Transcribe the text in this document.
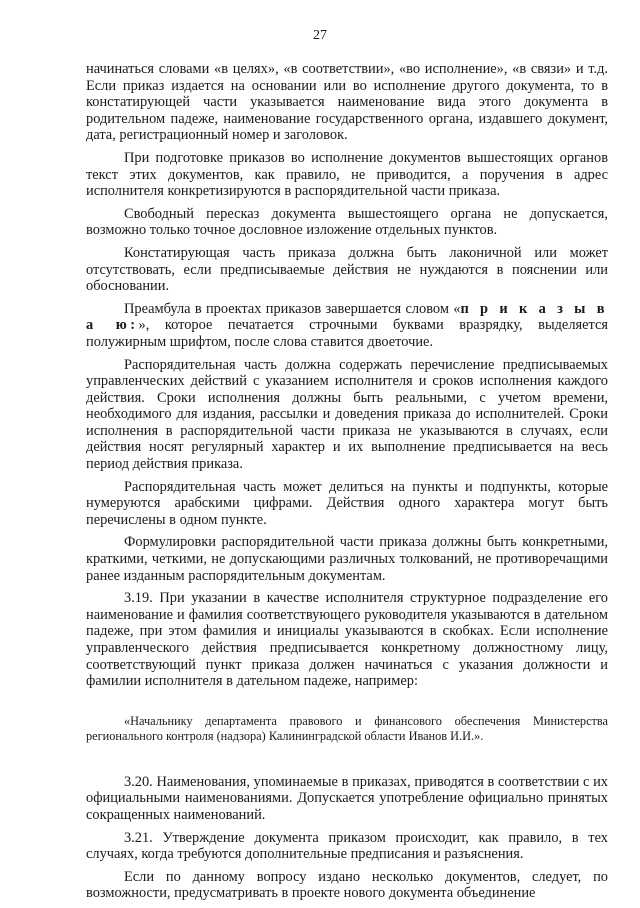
27

начинаться словами «в целях», «в соответствии», «во исполнение», «в связи» и т.д. Если приказ издается на основании или во исполнение другого документа, то в констатирующей части указывается наименование вида этого документа в родительном падеже, наименование государственного органа, издавшего документ, дата, регистрационный номер и заголовок.

При подготовке приказов во исполнение документов вышестоящих органов текст этих документов, как правило, не приводится, а поручения в адрес исполнителя конкретизируются в распорядительной части приказа.

Свободный пересказ документа вышестоящего органа не допускается, возможно только точное дословное изложение отдельных пунктов.

Констатирующая часть приказа должна быть лаконичной или может отсутствовать, если предписываемые действия не нуждаются в пояснении или обосновании.

Преамбула в проектах приказов завершается словом «п р и к а з ы в а ю:», которое печатается строчными буквами вразрядку, выделяется полужирным шрифтом, после слова ставится двоеточие.

Распорядительная часть должна содержать перечисление предписываемых управленческих действий с указанием исполнителя и сроков исполнения каждого действия. Сроки исполнения должны быть реальными, с учетом времени, необходимого для издания, рассылки и доведения приказа до исполнителей. Сроки исполнения в распорядительной части приказа не указываются в случаях, если действия носят регулярный характер и их выполнение предписывается на весь период действия приказа.

Распорядительная часть может делиться на пункты и подпункты, которые нумеруются арабскими цифрами. Действия одного характера могут быть перечислены в одном пункте.

Формулировки распорядительной части приказа должны быть конкретными, краткими, четкими, не допускающими различных толкований, не противоречащими ранее изданным распорядительным документам.

3.19. При указании в качестве исполнителя структурное подразделение его наименование и фамилия соответствующего руководителя указываются в дательном падеже, при этом фамилия и инициалы указываются в скобках. Если исполнение управленческого действия предписывается конкретному должностному лицу, соответствующий пункт приказа должен начинаться с указания должности и фамилии исполнителя в дательном падеже, например:

«Начальнику департамента правового и финансового обеспечения Министерства регионального контроля (надзора) Калининградской области Иванов И.И.».

3.20. Наименования, упоминаемые в приказах, приводятся в соответствии с их официальными наименованиями. Допускается употребление официально принятых сокращенных наименований.

3.21. Утверждение документа приказом происходит, как правило, в тех случаях, когда требуются дополнительные предписания и разъяснения.

Если по данному вопросу издано несколько документов, следует, по возможности, предусматривать в проекте нового документа объединение
